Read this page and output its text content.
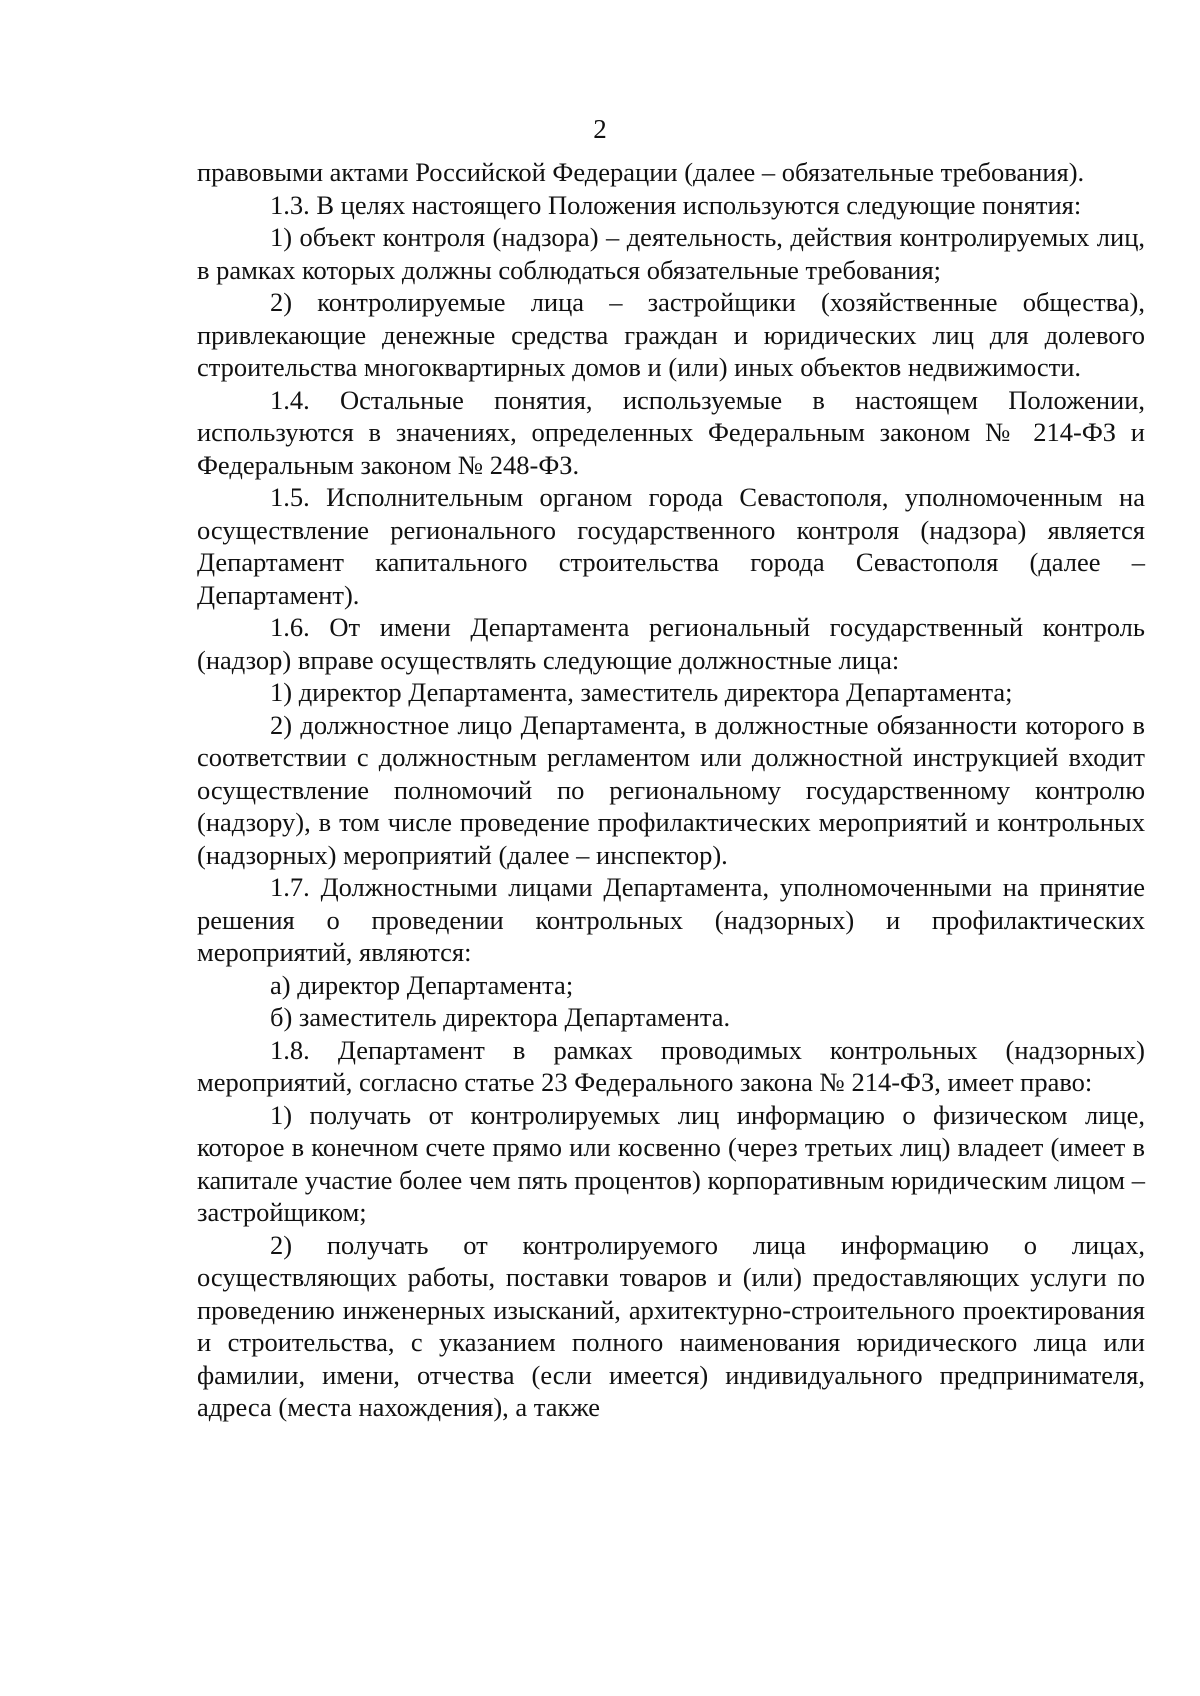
2

правовыми актами Российской Федерации (далее – обязательные требования).

1.3. В целях настоящего Положения используются следующие понятия:

1) объект контроля (надзора) – деятельность, действия контролируемых лиц, в рамках которых должны соблюдаться обязательные требования;

2) контролируемые лица – застройщики (хозяйственные общества), привлекающие денежные средства граждан и юридических лиц для долевого строительства многоквартирных домов и (или) иных объектов недвижимости.

1.4. Остальные понятия, используемые в настоящем Положении, используются в значениях, определенных Федеральным законом № 214-ФЗ и Федеральным законом № 248-ФЗ.

1.5. Исполнительным органом города Севастополя, уполномоченным на осуществление регионального государственного контроля (надзора) является Департамент капитального строительства города Севастополя (далее – Департамент).

1.6. От имени Департамента региональный государственный контроль (надзор) вправе осуществлять следующие должностные лица:

1) директор Департамента, заместитель директора Департамента;

2) должностное лицо Департамента, в должностные обязанности которого в соответствии с должностным регламентом или должностной инструкцией входит осуществление полномочий по региональному государственному контролю (надзору), в том числе проведение профилактических мероприятий и контрольных (надзорных) мероприятий (далее – инспектор).

1.7. Должностными лицами Департамента, уполномоченными на принятие решения о проведении контрольных (надзорных) и профилактических мероприятий, являются:

а) директор Департамента;

б) заместитель директора Департамента.

1.8. Департамент в рамках проводимых контрольных (надзорных) мероприятий, согласно статье 23 Федерального закона № 214-ФЗ, имеет право:

1) получать от контролируемых лиц информацию о физическом лице, которое в конечном счете прямо или косвенно (через третьих лиц) владеет (имеет в капитале участие более чем пять процентов) корпоративным юридическим лицом – застройщиком;

2) получать от контролируемого лица информацию о лицах, осуществляющих работы, поставки товаров и (или) предоставляющих услуги по проведению инженерных изысканий, архитектурно-строительного проектирования и строительства, с указанием полного наименования юридического лица или фамилии, имени, отчества (если имеется) индивидуального предпринимателя, адреса (места нахождения), а также
